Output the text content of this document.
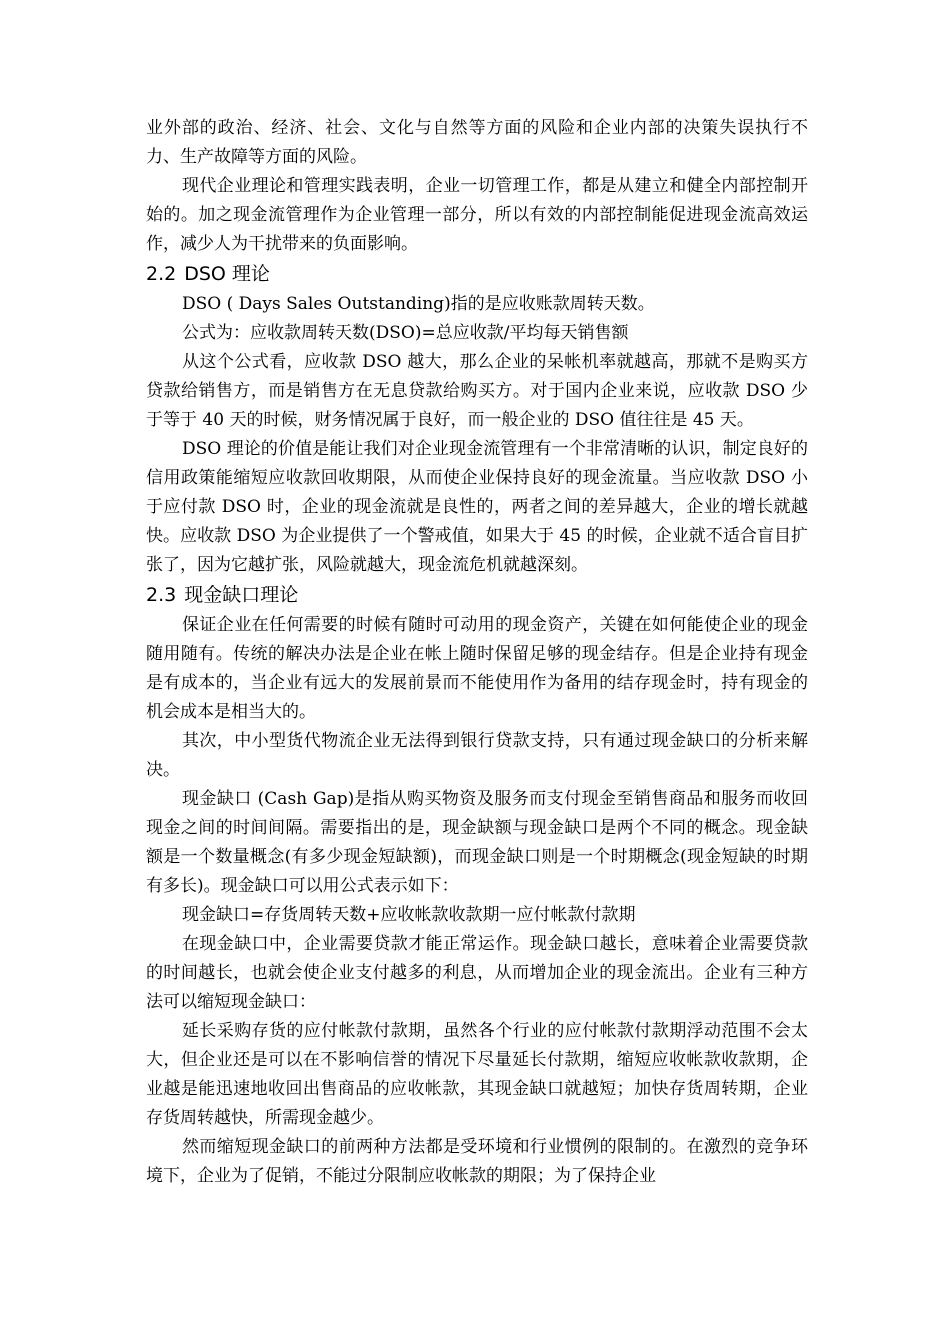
业外部的政治、经济、社会、文化与自然等方面的风险和企业内部的决策失误执行不力、生产故障等方面的风险。

现代企业理论和管理实践表明，企业一切管理工作，都是从建立和健全内部控制开始的。加之现金流管理作为企业管理一部分，所以有效的内部控制能促进现金流高效运作，减少人为干扰带来的负面影响。

2.2 DSO 理论

DSO ( Days Sales Outstanding)指的是应收账款周转天数。

公式为：应收款周转天数(DSO)=总应收款/平均每天销售额

从这个公式看，应收款 DSO 越大，那么企业的呆帐机率就越高，那就不是购买方贷款给销售方，而是销售方在无息贷款给购买方。对于国内企业来说，应收款 DSO 少于等于 40 天的时候，财务情况属于良好，而一般企业的 DSO 值往往是 45 天。

DSO 理论的价值是能让我们对企业现金流管理有一个非常清晰的认识，制定良好的信用政策能缩短应收款回收期限，从而使企业保持良好的现金流量。当应收款 DSO 小于应付款 DSO 时，企业的现金流就是良性的，两者之间的差异越大，企业的增长就越快。应收款 DSO 为企业提供了一个警戒值，如果大于 45 的时候，企业就不适合盲目扩张了，因为它越扩张，风险就越大，现金流危机就越深刻。

2.3 现金缺口理论

保证企业在任何需要的时候有随时可动用的现金资产，关键在如何能使企业的现金随用随有。传统的解决办法是企业在帐上随时保留足够的现金结存。但是企业持有现金是有成本的，当企业有远大的发展前景而不能使用作为备用的结存现金时，持有现金的机会成本是相当大的。

其次，中小型货代物流企业无法得到银行贷款支持，只有通过现金缺口的分析来解决。

现金缺口 (Cash Gap)是指从购买物资及服务而支付现金至销售商品和服务而收回现金之间的时间间隔。需要指出的是，现金缺额与现金缺口是两个不同的概念。现金缺额是一个数量概念(有多少现金短缺额)，而现金缺口则是一个时期概念(现金短缺的时期有多长)。现金缺口可以用公式表示如下：

现金缺口=存货周转天数+应收帐款收款期一应付帐款付款期

在现金缺口中，企业需要贷款才能正常运作。现金缺口越长，意味着企业需要贷款的时间越长，也就会使企业支付越多的利息，从而增加企业的现金流出。企业有三种方法可以缩短现金缺口：

延长采购存货的应付帐款付款期，虽然各个行业的应付帐款付款期浮动范围不会太大，但企业还是可以在不影响信誉的情况下尽量延长付款期，缩短应收帐款收款期，企业越是能迅速地收回出售商品的应收帐款，其现金缺口就越短；加快存货周转期，企业存货周转越快，所需现金越少。

然而缩短现金缺口的前两种方法都是受环境和行业惯例的限制的。在激烈的竞争环境下，企业为了促销，不能过分限制应收帐款的期限；为了保持企业
